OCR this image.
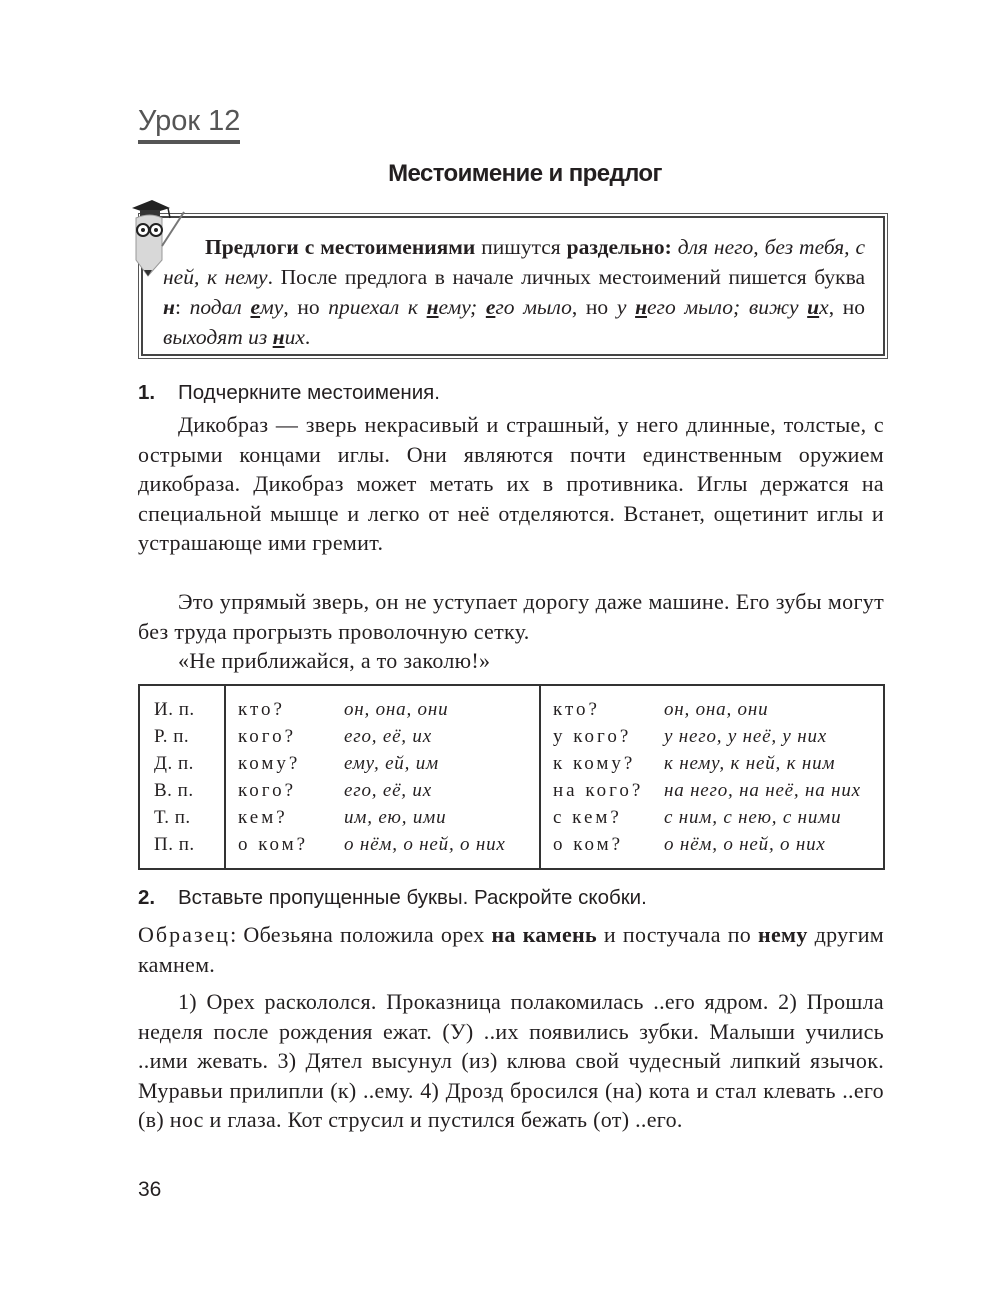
Урок 12
Местоимение и предлог
Предлоги с местоимениями пишутся раздельно: для него, без тебя, с ней, к нему. После предлога в начале личных местоимений пишется буква н: подал ему, но приехал к нему; его мыло, но у него мыло; вижу их, но выходят из них.
1. Подчеркните местоимения.
Дикобраз — зверь некрасивый и страшный, у него длинные, толстые, с острыми концами иглы. Они являются почти единственным оружием дикобраза. Дикобраз может метать их в противника. Иглы держатся на специальной мышце и легко от неё отделяются. Встанет, ощетинит иглы и устрашающе ими гремит.
Это упрямый зверь, он не уступает дорогу даже машине. Его зубы могут без труда прогрызть проволочную сетку.
«Не приближайся, а то заколю!»
И. п.	кто?	он, она, они	кто?	он, она, они
Р. п.	кого?	его, её, их	у кого?	у него, у неё, у них
Д. п.	кому?	ему, ей, им	к кому?	к нему, к ней, к ним
В. п.	кого?	его, её, их	на кого?	на него, на неё, на них
Т. п.	кем?	им, ею, ими	с кем?	с ним, с нею, с ними
П. п.	о ком?	о нём, о ней, о них	о ком?	о нём, о ней, о них
2. Вставьте пропущенные буквы. Раскройте скобки.
Образец: Обезьяна положила орех на камень и постучала по нему другим камнем.
1) Орех раскололся. Проказница полакомилась ..его ядром. 2) Прошла неделя после рождения ежат. (У) ..их появились зубки. Малыши учились ..ими жевать. 3) Дятел высунул (из) клюва свой чудесный липкий язычок. Муравьи прилипли (к) ..ему. 4) Дрозд бросился (на) кота и стал клевать ..его (в) нос и глаза. Кот струсил и пустился бежать (от) ..его.
36
